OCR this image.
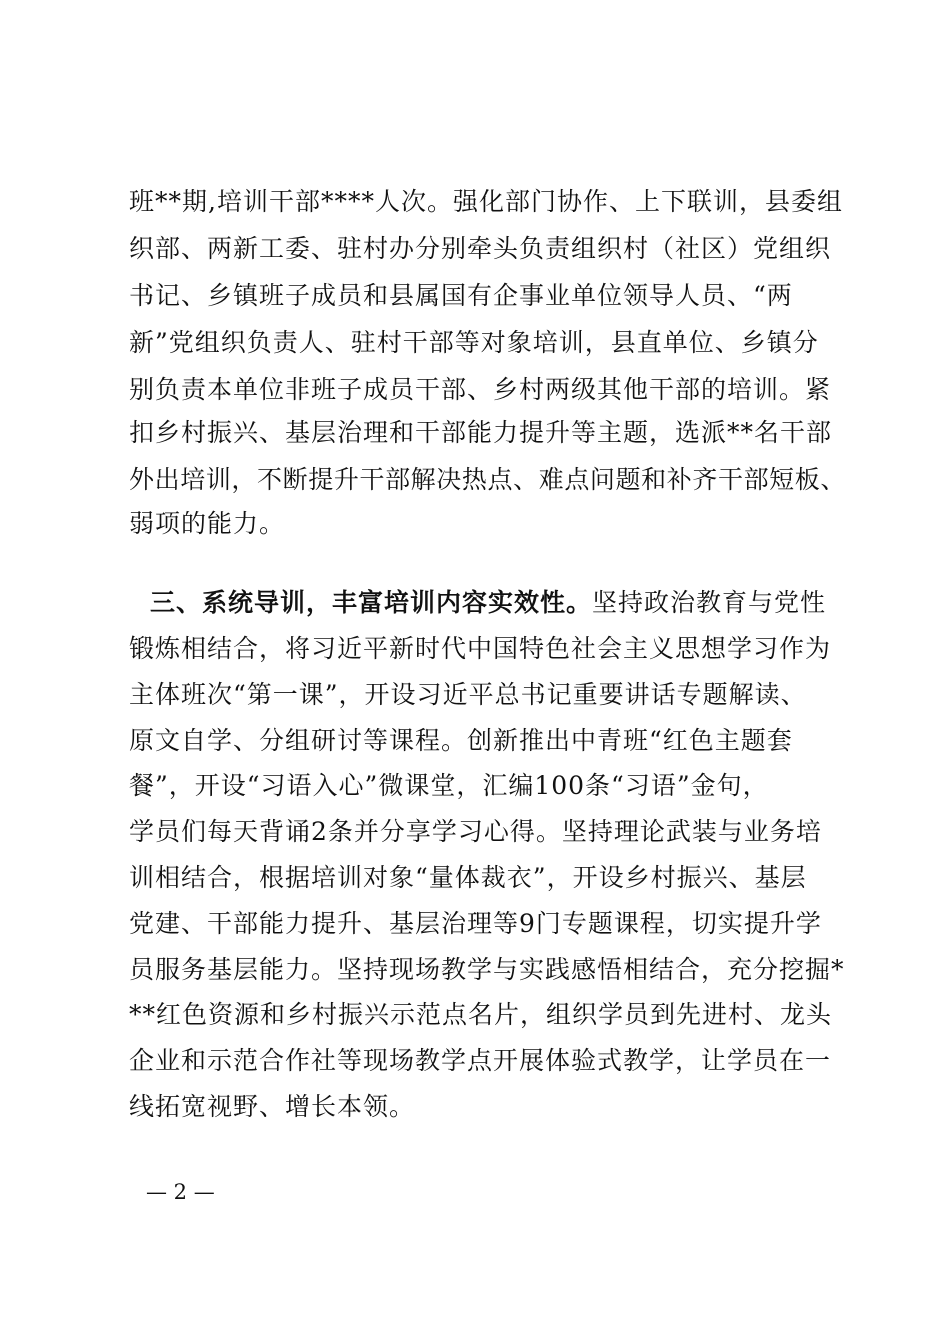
班**期,培训干部****人次。强化部门协作、上下联训，县委组
织部、两新工委、驻村办分别牵头负责组织村（社区）党组织
书记、乡镇班子成员和县属国有企事业单位领导人员、“两
新”党组织负责人、驻村干部等对象培训，县直单位、乡镇分
别负责本单位非班子成员干部、乡村两级其他干部的培训。紧
扣乡村振兴、基层治理和干部能力提升等主题，选派**名干部
外出培训，不断提升干部解决热点、难点问题和补齐干部短板、
弱项的能力。
三、系统导训，丰富培训内容实效性。坚持政治教育与党性
锻炼相结合，将习近平新时代中国特色社会主义思想学习作为
主体班次“第一课”，开设习近平总书记重要讲话专题解读、
原文自学、分组研讨等课程。创新推出中青班“红色主题套
餐”，开设“习语入心”微课堂，汇编100条“习语”金句，
学员们每天背诵2条并分享学习心得。坚持理论武装与业务培
训相结合，根据培训对象“量体裁衣”，开设乡村振兴、基层
党建、干部能力提升、基层治理等9门专题课程，切实提升学
员服务基层能力。坚持现场教学与实践感悟相结合，充分挖掘*
**红色资源和乡村振兴示范点名片，组织学员到先进村、龙头
企业和示范合作社等现场教学点开展体验式教学，让学员在一
线拓宽视野、增长本领。
— 2 —
